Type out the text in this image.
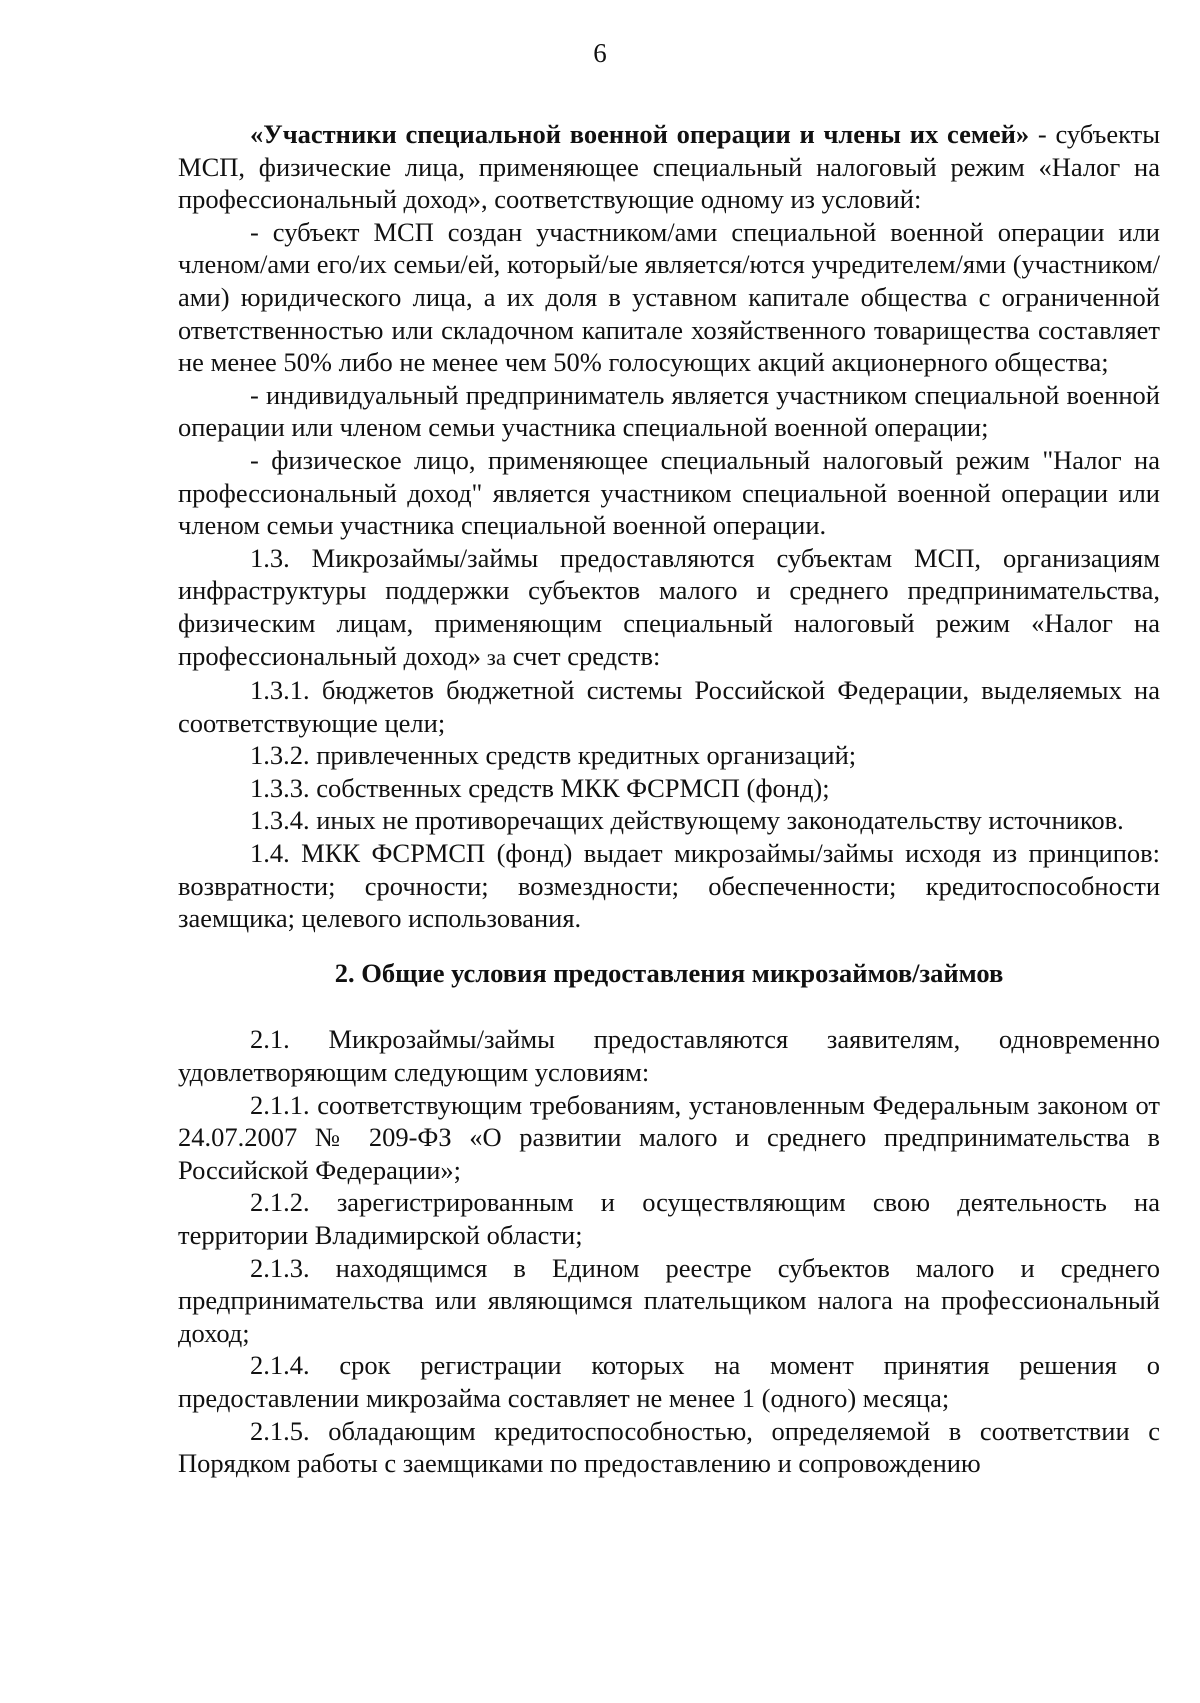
6

«Участники специальной военной операции и члены их семей» - субъекты МСП, физические лица, применяющее специальный налоговый режим «Налог на профессиональный доход», соответствующие одному из условий:

- субъект МСП создан участником/ами специальной военной операции или членом/ами его/их семьи/ей, который/ые является/ются учредителем/ями (участником/ами) юридического лица, а их доля в уставном капитале общества с ограниченной ответственностью или складочном капитале хозяйственного товарищества составляет не менее 50% либо не менее чем 50% голосующих акций акционерного общества;

- индивидуальный предприниматель является участником специальной военной операции или членом семьи участника специальной военной операции;

- физическое лицо, применяющее специальный налоговый режим "Налог на профессиональный доход" является участником специальной военной операции или членом семьи участника специальной военной операции.

1.3. Микрозаймы/займы предоставляются субъектам МСП, организациям инфраструктуры поддержки субъектов малого и среднего предпринимательства, физическим лицам, применяющим специальный налоговый режим «Налог на профессиональный доход» за счет средств:

1.3.1. бюджетов бюджетной системы Российской Федерации, выделяемых на соответствующие цели;

1.3.2. привлеченных средств кредитных организаций;

1.3.3. собственных средств МКК ФСРМСП (фонд);

1.3.4. иных не противоречащих действующему законодательству источников.

1.4. МКК ФСРМСП (фонд) выдает микрозаймы/займы исходя из принципов: возвратности; срочности; возмездности; обеспеченности; кредитоспособности заемщика; целевого использования.

2. Общие условия предоставления микрозаймов/займов

2.1. Микрозаймы/займы предоставляются заявителям, одновременно удовлетворяющим следующим условиям:

2.1.1. соответствующим требованиям, установленным Федеральным законом от 24.07.2007 № 209-ФЗ «О развитии малого и среднего предпринимательства в Российской Федерации»;

2.1.2. зарегистрированным и осуществляющим свою деятельность на территории Владимирской области;

2.1.3. находящимся в Едином реестре субъектов малого и среднего предпринимательства или являющимся плательщиком налога на профессиональный доход;

2.1.4. срок регистрации которых на момент принятия решения о предоставлении микрозайма составляет не менее 1 (одного) месяца;

2.1.5. обладающим кредитоспособностью, определяемой в соответствии с Порядком работы с заемщиками по предоставлению и сопровождению
